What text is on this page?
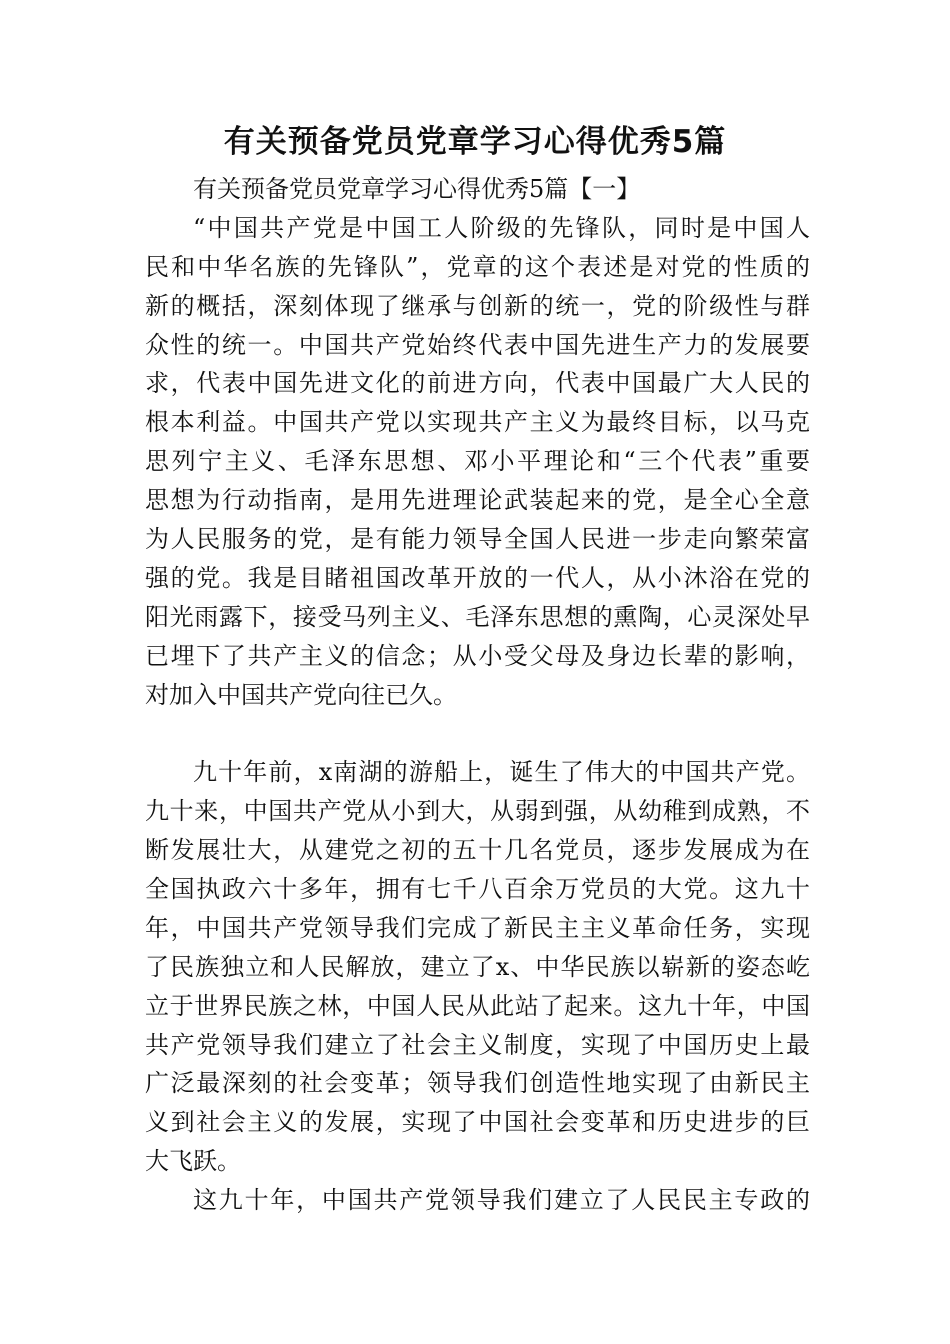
有关预备党员党章学习心得优秀5篇
有关预备党员党章学习心得优秀5篇【一】
“中国共产党是中国工人阶级的先锋队，同时是中国人
民和中华名族的先锋队”，党章的这个表述是对党的性质的
新的概括，深刻体现了继承与创新的统一，党的阶级性与群
众性的统一。中国共产党始终代表中国先进生产力的发展要
求，代表中国先进文化的前进方向，代表中国最广大人民的
根本利益。中国共产党以实现共产主义为最终目标，以马克
思列宁主义、毛泽东思想、邓小平理论和“三个代表”重要
思想为行动指南，是用先进理论武装起来的党，是全心全意
为人民服务的党，是有能力领导全国人民进一步走向繁荣富
强的党。我是目睹祖国改革开放的一代人，从小沐浴在党的
阳光雨露下，接受马列主义、毛泽东思想的熏陶，心灵深处早
已埋下了共产主义的信念；从小受父母及身边长辈的影响，
对加入中国共产党向往已久。
九十年前，x南湖的游船上，诞生了伟大的中国共产党。
九十来，中国共产党从小到大，从弱到强，从幼稚到成熟，不
断发展壮大，从建党之初的五十几名党员，逐步发展成为在
全国执政六十多年，拥有七千八百余万党员的大党。这九十
年，中国共产党领导我们完成了新民主主义革命任务，实现
了民族独立和人民解放，建立了x、中华民族以崭新的姿态屹
立于世界民族之林，中国人民从此站了起来。这九十年，中国
共产党领导我们建立了社会主义制度，实现了中国历史上最
广泛最深刻的社会变革；领导我们创造性地实现了由新民主
义到社会主义的发展，实现了中国社会变革和历史进步的巨
大飞跃。
这九十年，中国共产党领导我们建立了人民民主专政的
